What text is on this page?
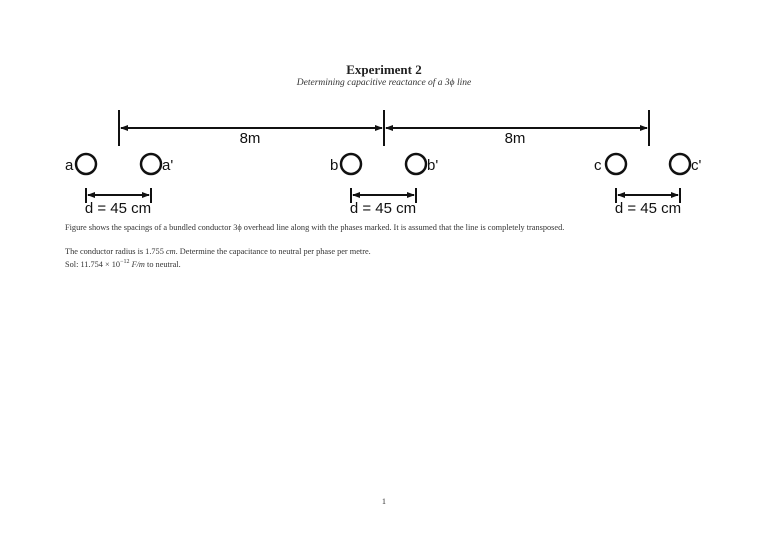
Experiment 2
Determining capacitive reactance of a 3ϕ line
8m	8m
a	a'	b	b'	c	c'
d = 45 cm	d = 45 cm	d = 45 cm
Figure shows the spacings of a bundled conductor 3ϕ overhead line along with the phases marked. It is assumed that the line is completely transposed.
The conductor radius is 1.755 cm. Determine the capacitance to neutral per phase per metre.
Sol: $11.754 \times 10^{-12}$ F/m to neutral.
1
